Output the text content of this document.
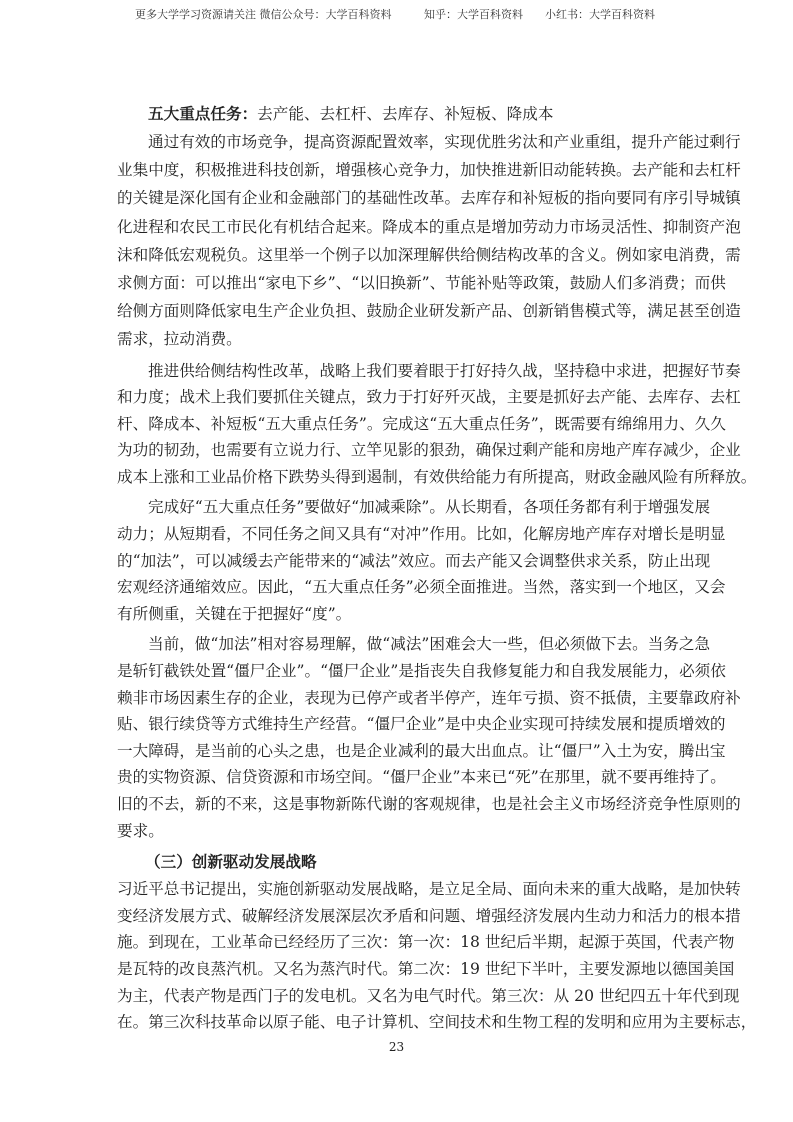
更多大学学习资源请关注 微信公众号：大学百科资料	知乎：大学百科资料 小红书：大学百科资料
五大重点任务：去产能、去杠杆、去库存、补短板、降成本
通过有效的市场竞争，提高资源配置效率，实现优胜劣汰和产业重组，提升产能过剩行
业集中度，积极推进科技创新，增强核心竞争力，加快推进新旧动能转换。去产能和去杠杆
的关键是深化国有企业和金融部门的基础性改革。去库存和补短板的指向要同有序引导城镇
化进程和农民工市民化有机结合起来。降成本的重点是增加劳动力市场灵活性、抑制资产泡
沫和降低宏观税负。这里举一个例子以加深理解供给侧结构改革的含义。例如家电消费，需
求侧方面：可以推出“家电下乡”、“以旧换新”、节能补贴等政策，鼓励人们多消费；而供
给侧方面则降低家电生产企业负担、鼓励企业研发新产品、创新销售模式等，满足甚至创造
需求，拉动消费。
推进供给侧结构性改革，战略上我们要着眼于打好持久战，坚持稳中求进，把握好节奏
和力度；战术上我们要抓住关键点，致力于打好歼灭战，主要是抓好去产能、去库存、去杠
杆、降成本、补短板“五大重点任务”。完成这“五大重点任务”，既需要有绵绵用力、久久
为功的韧劲，也需要有立说力行、立竿见影的狠劲，确保过剩产能和房地产库存减少，企业
成本上涨和工业品价格下跌势头得到遏制，有效供给能力有所提高，财政金融风险有所释放。
完成好“五大重点任务”要做好“加减乘除”。从长期看，各项任务都有利于增强发展
动力；从短期看，不同任务之间又具有“对冲”作用。比如，化解房地产库存对增长是明显
的“加法”，可以减缓去产能带来的“减法”效应。而去产能又会调整供求关系，防止出现
宏观经济通缩效应。因此，“五大重点任务”必须全面推进。当然，落实到一个地区，又会
有所侧重，关键在于把握好“度”。
当前，做“加法”相对容易理解，做“减法”困难会大一些，但必须做下去。当务之急
是斩钉截铁处置“僵尸企业”。“僵尸企业”是指丧失自我修复能力和自我发展能力，必须依
赖非市场因素生存的企业，表现为已停产或者半停产，连年亏损、资不抵债，主要靠政府补
贴、银行续贷等方式维持生产经营。“僵尸企业”是中央企业实现可持续发展和提质增效的
一大障碍，是当前的心头之患，也是企业减利的最大出血点。让“僵尸”入土为安，腾出宝
贵的实物资源、信贷资源和市场空间。“僵尸企业”本来已“死”在那里，就不要再维持了。
旧的不去，新的不来，这是事物新陈代谢的客观规律，也是社会主义市场经济竞争性原则的
要求。
（三）创新驱动发展战略
习近平总书记提出，实施创新驱动发展战略，是立足全局、面向未来的重大战略，是加快转
变经济发展方式、破解经济发展深层次矛盾和问题、增强经济发展内生动力和活力的根本措
施。到现在，工业革命已经经历了三次：第一次：18 世纪后半期，起源于英国，代表产物
是瓦特的改良蒸汽机。又名为蒸汽时代。第二次：19 世纪下半叶，主要发源地以德国美国
为主，代表产物是西门子的发电机。又名为电气时代。第三次：从 20 世纪四五十年代到现
在。第三次科技革命以原子能、电子计算机、空间技术和生物工程的发明和应用为主要标志，
23
